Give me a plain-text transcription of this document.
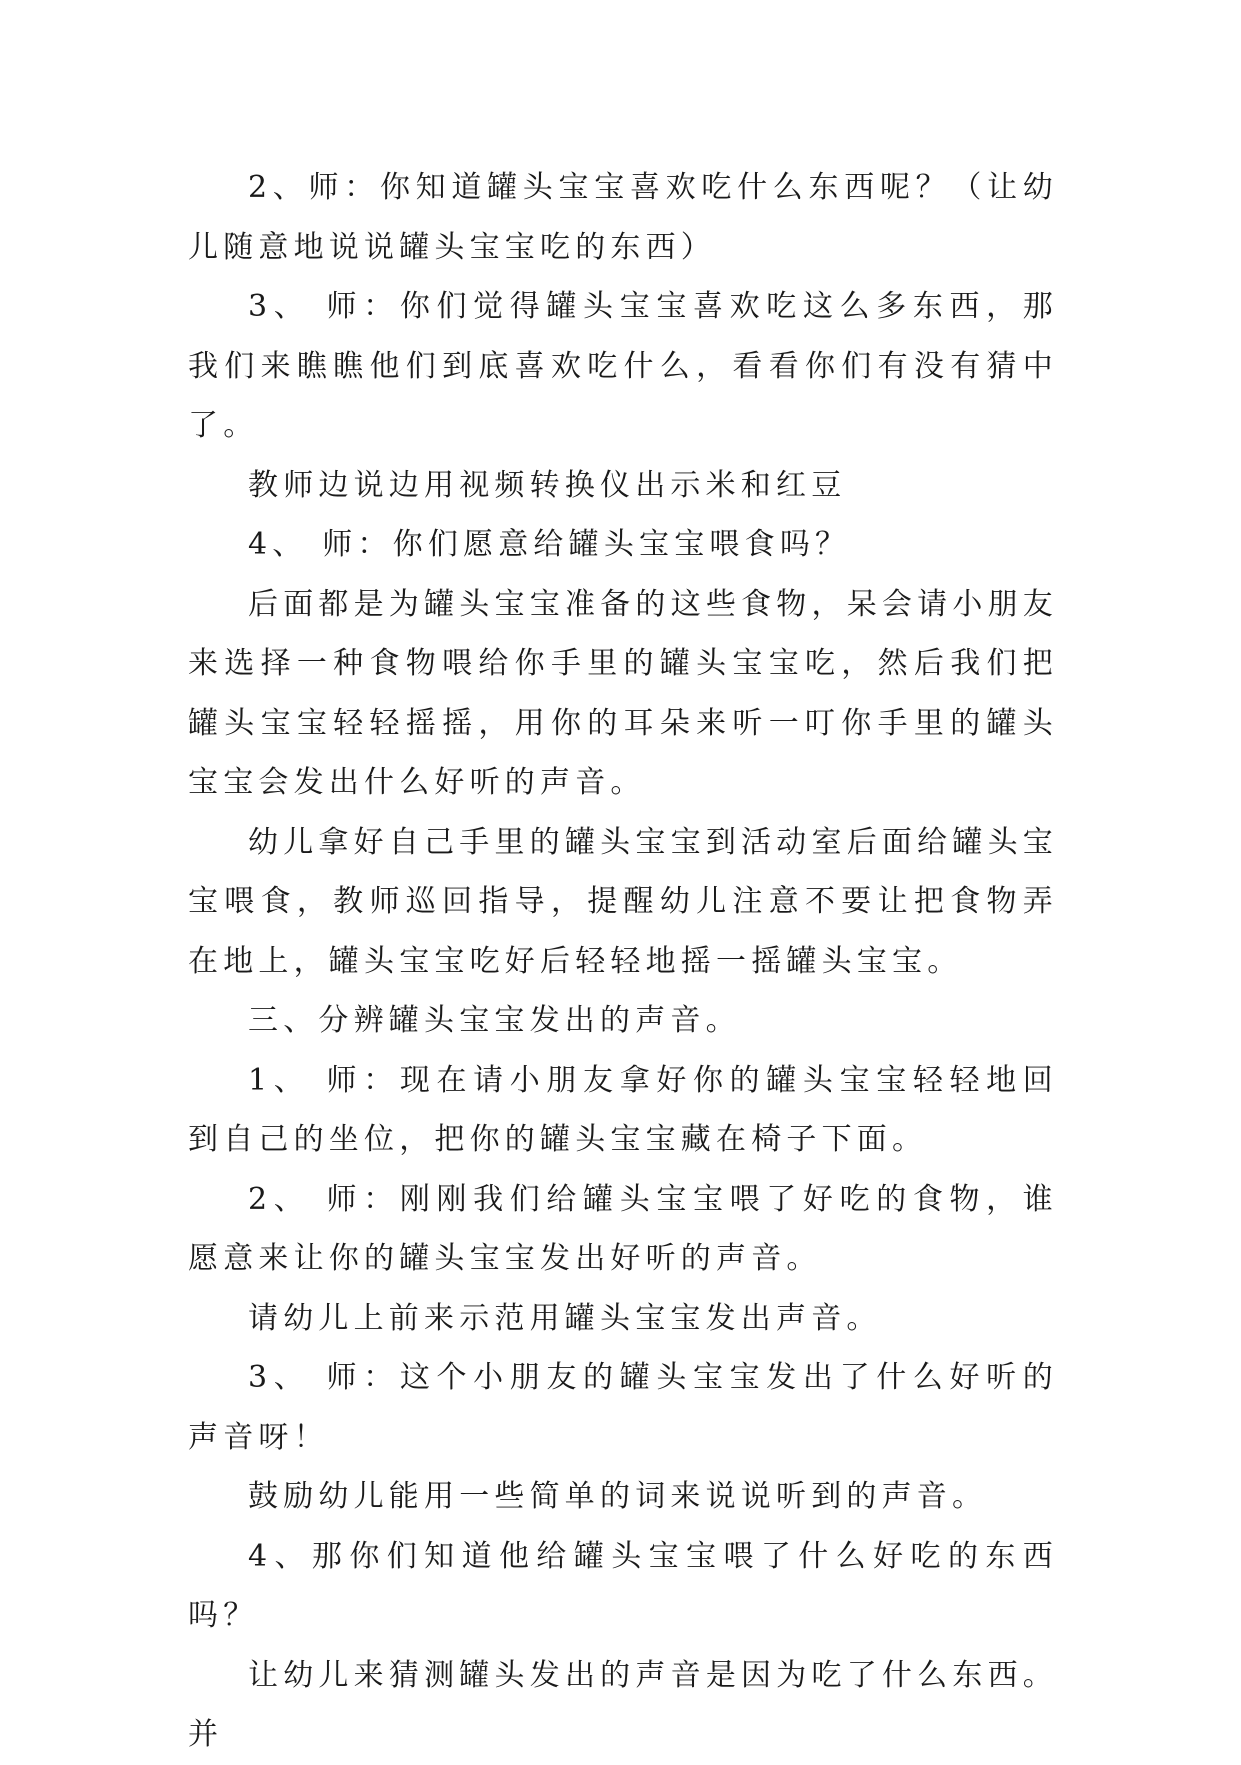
2、师：你知道罐头宝宝喜欢吃什么东西呢？（让幼儿随意地说说罐头宝宝吃的东西）

3、 师：你们觉得罐头宝宝喜欢吃这么多东西，那我们来瞧瞧他们到底喜欢吃什么，看看你们有没有猜中了。

教师边说边用视频转换仪出示米和红豆

4、 师：你们愿意给罐头宝宝喂食吗？

后面都是为罐头宝宝准备的这些食物，呆会请小朋友来选择一种食物喂给你手里的罐头宝宝吃，然后我们把罐头宝宝轻轻摇摇，用你的耳朵来听一叮你手里的罐头宝宝会发出什么好听的声音。

幼儿拿好自己手里的罐头宝宝到活动室后面给罐头宝宝喂食，教师巡回指导，提醒幼儿注意不要让把食物弄在地上，罐头宝宝吃好后轻轻地摇一摇罐头宝宝。

三、分辨罐头宝宝发出的声音。

1、 师：现在请小朋友拿好你的罐头宝宝轻轻地回到自己的坐位，把你的罐头宝宝藏在椅子下面。

2、 师：刚刚我们给罐头宝宝喂了好吃的食物，谁愿意来让你的罐头宝宝发出好听的声音。

请幼儿上前来示范用罐头宝宝发出声音。

3、 师：这个小朋友的罐头宝宝发出了什么好听的声音呀！

鼓励幼儿能用一些简单的词来说说听到的声音。

4、那你们知道他给罐头宝宝喂了什么好吃的东西吗？

让幼儿来猜测罐头发出的声音是因为吃了什么东西。并
